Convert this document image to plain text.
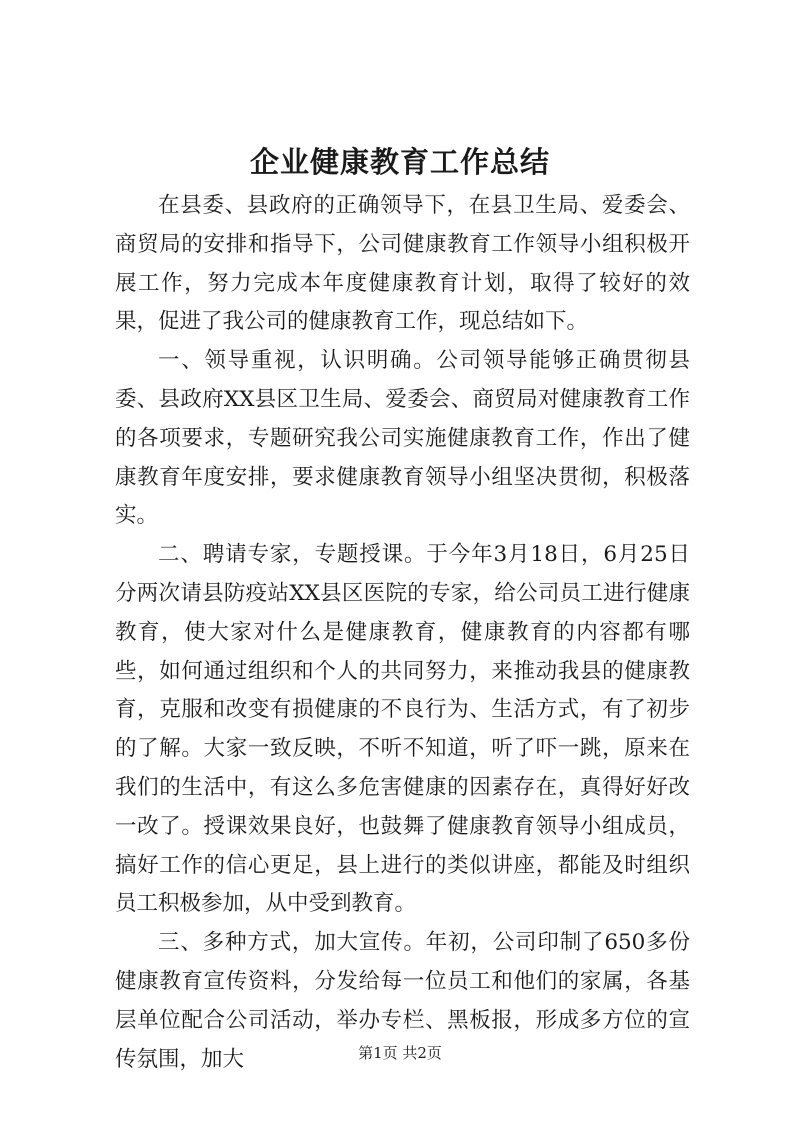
企业健康教育工作总结

在县委、县政府的正确领导下，在县卫生局、爱委会、商贸局的安排和指导下，公司健康教育工作领导小组积极开展工作，努力完成本年度健康教育计划，取得了较好的效果，促进了我公司的健康教育工作，现总结如下。

一、领导重视，认识明确。公司领导能够正确贯彻县委、县政府XX县区卫生局、爱委会、商贸局对健康教育工作的各项要求，专题研究我公司实施健康教育工作，作出了健康教育年度安排，要求健康教育领导小组坚决贯彻，积极落实。

二、聘请专家，专题授课。于今年3月18日，6月25日分两次请县防疫站XX县区医院的专家，给公司员工进行健康教育，使大家对什么是健康教育，健康教育的内容都有哪些，如何通过组织和个人的共同努力，来推动我县的健康教育，克服和改变有损健康的不良行为、生活方式，有了初步的了解。大家一致反映，不听不知道，听了吓一跳，原来在我们的生活中，有这么多危害健康的因素存在，真得好好改一改了。授课效果良好，也鼓舞了健康教育领导小组成员，搞好工作的信心更足，县上进行的类似讲座，都能及时组织员工积极参加，从中受到教育。

三、多种方式，加大宣传。年初，公司印制了650多份健康教育宣传资料，分发给每一位员工和他们的家属，各基层单位配合公司活动，举办专栏、黑板报，形成多方位的宣传氛围，加大	第1页 共2页
